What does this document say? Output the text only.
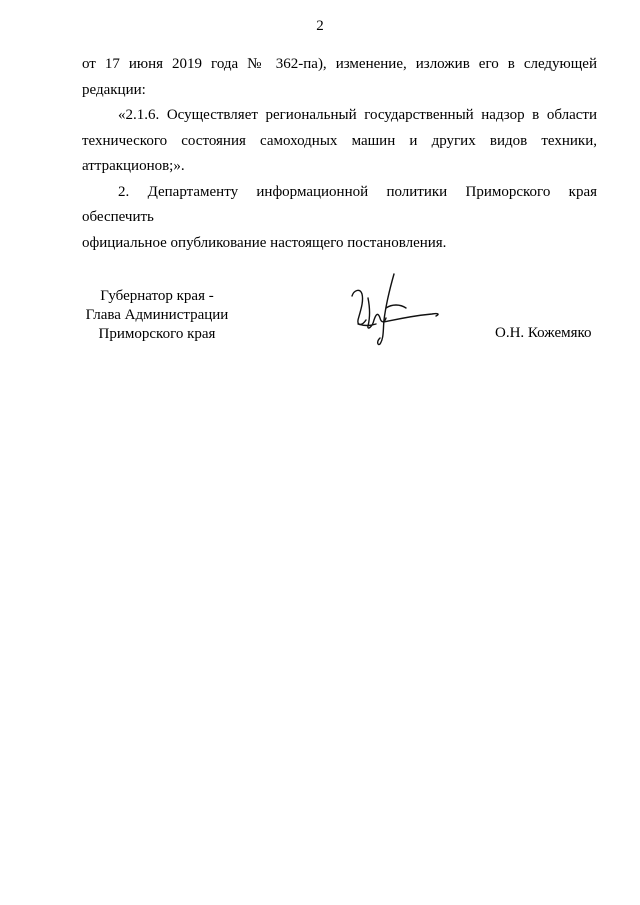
2

от 17 июня 2019 года № 362-па), изменение, изложив его в следующей
редакции:

«2.1.6. Осуществляет региональный государственный надзор в области
технического состояния самоходных машин и других видов техники,
аттракционов;».

2. Департаменту информационной политики Приморского края обеспечить
официальное опубликование настоящего постановления.

Губернатор края -
Глава Администрации
Приморского края	О.Н. Кожемяко
